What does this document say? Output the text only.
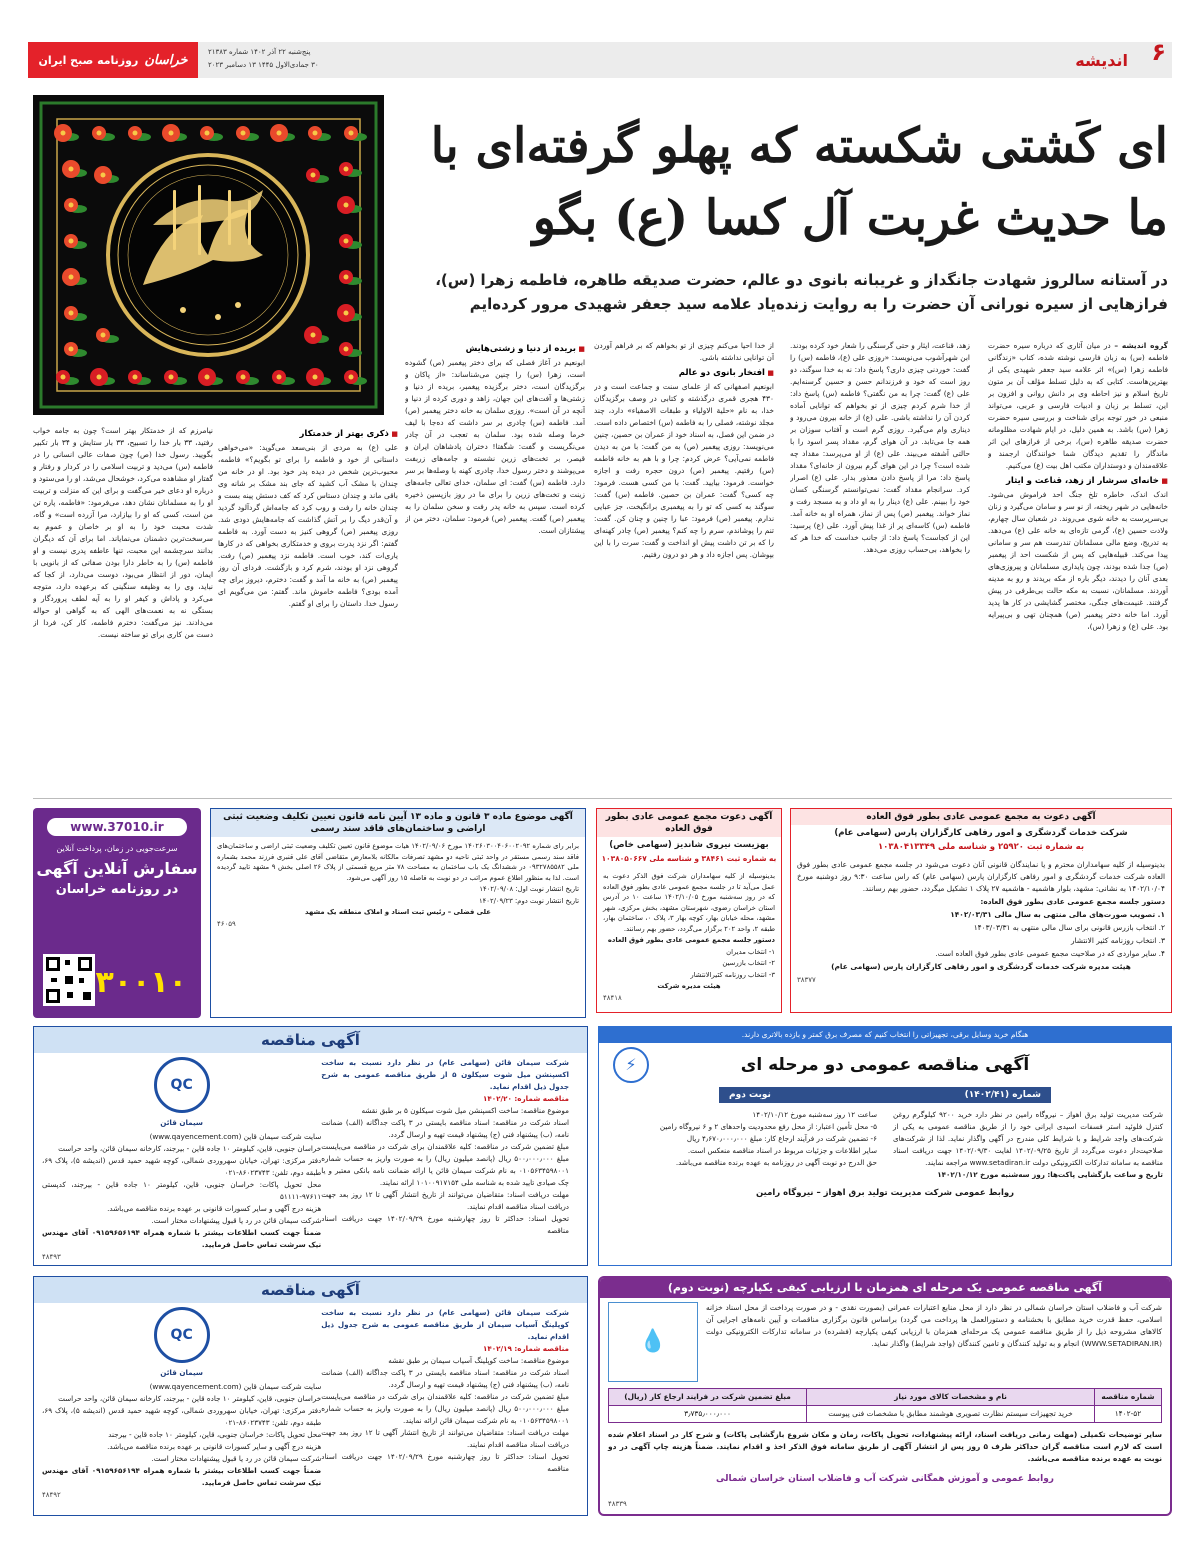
روزنامه صبح ایران خراسان
پنج‌شنبه ۲۲ آذر ۱۴۰۲ شماره ۲۱۳۸۳
۳۰ جمادی‌الاول ۱۴۴۵ ۱۳ دسامبر ۲۰۲۳	اندیشه ۶
ای کَشتی شکسته که پهلو گرفته‌ای با ما حدیث غربت آل کسا (ع) بگو
در آستانه سالروز شهادت جانگداز و غریبانه بانوی دو عالم، حضرت صدیقه طاهره، فاطمه زهرا (س)، فرازهایی از سیره نورانی آن حضرت را به روایت زنده‌یاد علامه سید جعفر شهیدی مرور کرده‌ایم

گروه اندیشه – در میان آثاری که درباره سیره حضرت فاطمه (س) به زبان فارسی نوشته شده، کتاب «زندگانی فاطمه زهرا (س)» اثر علامه سید جعفر شهیدی یکی از بهترین‌هاست. کتابی که به دلیل تسلط مؤلف آن بر متون تاریخ اسلام و نیز احاطه وی بر دانش روانی و افزون بر این، تسلط بر زبان و ادبیات فارسی و عربی، می‌تواند منبعی در خور توجه برای شناخت و بررسی سیره حضرت زهرا (س) باشد. به همین دلیل، در ایام شهادت مظلومانه حضرت صدیقه طاهره (س)، برخی از فرازهای این اثر ماندگار را تقدیم دیدگان شما خوانندگان ارجمند و علاقه‌مندان و دوستداران مکتب اهل بیت (ع) می‌کنیم.

■ خانه‌ای سرشار از زهد، قناعت و ایثار

اندک اندک، خاطره تلخ جنگ احد فراموش می‌شود. خانه‌هایی در شهر ریخته، از نو سر و سامان می‌گیرد و زنان بی‌سرپرست به خانه شوی می‌روند. در شعبان سال چهارم، ولادت حسین (ع)، گرمی تازه‌ای به خانه علی (ع) می‌دهد. به تدریج، وضع مالی مسلمانان تندرست هم سر و سامانی پیدا می‌کند. قبیله‌هایی که پس از شکست احد از پیغمبر (ص) جدا شده بودند، چون پایداری مسلمانان و پیروزی‌های بعدی آنان را دیدند، دیگر باره از مکه بریدند و رو به مدینه آوردند. مسلمانان، نسبت به مکه حالت بی‌طرفی در پیش گرفتند. غنیمت‌های جنگی، مختصر گشایشی در کار ها پدید آورد. اما خانه دختر پیغمبر (ص) همچنان تهی و بی‌پیرایه بود. علی (ع) و زهرا (س)،

زهد، قناعت، ایثار و حتی گرسنگی را شعار خود کرده بودند. ابن شهرآشوب می‌نویسد: «روزی علی (ع)، فاطمه (س) را گفت: خوردنی چیزی داری؟ پاسخ داد: نه به خدا سوگند، دو روز است که خود و فرزندانم حسن و حسین گرسنه‌ایم. علی (ع) گفت: چرا به من نگفتی؟ فاطمه (س) پاسخ داد: از خدا شرم کردم چیزی از تو بخواهم که توانایی آماده کردن آن را نداشته باشی. علی (ع) از خانه بیرون می‌رود و دیناری وام می‌گیرد. روزی گرم است و آفتاب سوزان بر همه جا می‌تابد. در آن هوای گرم، مقداد پسر اسود را با حالتی آشفته می‌بیند. علی (ع) از او می‌پرسد: مقداد چه شده است؟ چرا در این هوای گرم بیرون از خانه‌ای؟ مقداد پاسخ داد: مرا از پاسخ دادن معذور بدار. علی (ع) اصرار کرد. سرانجام مقداد گفت: نمی‌توانستم گرسنگی کسان خود را ببینم. علی (ع) دینار را به او داد و به مسجد رفت و نماز خواند. پیغمبر (ص) پس از نماز، همراه او به خانه آمد. فاطمه (س) کاسه‌ای پر از غذا پیش آورد. علی (ع) پرسید: این از کجاست؟ پاسخ داد: از جانب خداست که خدا هر که را بخواهد، بی‌حساب روزی می‌دهد.

از خدا احیا می‌کنم چیزی از تو بخواهم که بر فراهم آوردن آن توانایی نداشته باشی.

■ افتخار بانوی دو عالم

ابونعیم اصفهانی که از علمای سنت و جماعت است و در ۴۳۰ هجری قمری درگذشته و کتابی در وصف برگزیدگان خدا، به نام «حلیة الاولیاء و طبقات الاصفیاء» دارد، چند مجلد نوشته، فصلی را به فاطمه (س) اختصاص داده است. در ضمن این فصل، به اسناد خود از عمران بن حصین، چنین می‌نویسد: روزی پیغمبر (ص) به من گفت: با من به دیدن فاطمه نمی‌آیی؟ عرض کردم: چرا و با هم به خانه فاطمه (س) رفتیم. پیغمبر (ص) درون حجره رفت و اجازه خواست. فرمود: بیایید. گفت: با من کسی هست. فرمود: چه کسی؟ گفت: عمران بن حصین. فاطمه (س) گفت: سوگند به کسی که تو را به پیغمبری برانگیخت، جز عبایی ندارم. پیغمبر (ص) فرمود: عبا را چنین و چنان کن. گفت: تنم را پوشاندم، سرم را چه کنم؟ پیغمبر (ص) چادر کهنه‌ای را که بر تن داشت پیش او انداخت و گفت: سرت را با این بپوشان. پس اجازه داد و هر دو درون رفتیم.

■ بریده از دنیا و زشتی‌هایش

ابونعیم در آغاز فصلی که برای دختر پیغمبر (ص) گشوده است، زهرا (س) را چنین می‌شناساند: «از پاکان و برگزیدگان است، دختر برگزیده پیغمبر، بریده از دنیا و زشتی‌ها و آفت‌های این جهان، زاهد و دوری کرده از دنیا و آنچه در آن است». روزی سلمان به خانه دختر پیغمبر (ص) آمد. فاطمه (س) چادری بر سر داشت که ده‌جا با لیف خرما وصله شده بود. سلمان به تعجب در آن چادر می‌نگریست و گفت: شگفتا! دختران پادشاهان ایران و قیصر، بر تخت‌های زرین نشسته و جامه‌های زربفت می‌پوشند و دختر رسول خدا، چادری کهنه با وصله‌ها بر سر دارد. فاطمه (س) گفت: ای سلمان، خدای تعالی جامه‌های زینت و تخت‌های زرین را برای ما در روز بازپسین ذخیره کرده است. سپس به خانه پدر رفت و سخن سلمان را به پیغمبر (ص) گفت. پیغمبر (ص) فرمود: سلمان، دختر من از پیشتازان است.

■ ذکری بهتر از خدمتکار

علی (ع) به مردی از بنی‌سعد می‌گوید: «می‌خواهی داستانی از خود و فاطمه را برای تو بگویم؟» فاطمه، محبوب‌ترین شخص در دیده پدر خود بود. او در خانه من چندان با مشک آب کشید که جای بند مشک بر شانه وی باقی ماند و چندان دستاس کرد که کف دستش پینه بست و چندان خانه را رفت و روب کرد که جامه‌اش گردآلود گردید و آن‌قدر دیگ را بر آتش گذاشت که جامه‌هایش دودی شد. روزی پیغمبر (ص) گروهی کنیز به دست آورد. به فاطمه گفتم: اگر نزد پدرت بروی و خدمتکاری بخواهی که در کارها یاری‌ات کند، خوب است. فاطمه نزد پیغمبر (ص) رفت. گروهی نزد او بودند، شرم کرد و بازگشت. فردای آن روز پیغمبر (ص) به خانه ما آمد و گفت: دخترم، دیروز برای چه آمده بودی؟ فاطمه خاموش ماند. گفتم: من می‌گویم ای رسول خدا. داستان را برای او گفتم.

نیامرزم که از خدمتکار بهتر است؟ چون به جامه خواب رفتید، ۳۳ بار خدا را تسبیح، ۳۳ بار ستایش و ۳۴ بار تکبیر بگویید. رسول خدا (ص) چون صفات عالی انسانی را در فاطمه (س) می‌دید و تربیت اسلامی را در کردار و رفتار و گفتار او مشاهده می‌کرد، خوشحال می‌شد، او را می‌ستود و درباره او دعای خیر می‌گفت و برای این که منزلت و تربیت او را به مسلمانان نشان دهد، می‌فرمود: «فاطمه، پاره تن من است، کسی که او را بیازارد، مرا آزرده است» و گاه، شدت محبت خود را به او بر خاصان و عموم به سرسخت‌ترین دشمنان می‌نمایاند. اما برای آن که دیگران بدانند سرچشمه این محبت، تنها عاطفه پدری نیست و او فاطمه (س) را به خاطر دارا بودن صفاتی که از بانویی با ایمان، دور از انتظار می‌بود، دوست می‌دارد، از کجا که نباید، وی را به وظیفه سنگینی که برعهده دارد، متوجه می‌کرد و پاداش و کیفر او را به آیه لطف پروردگار و بستگی نه به نعمت‌های الهی که به گواهی او حواله می‌دادند. نیز می‌گفت: دخترم فاطمه، کار کن، فردا از دست من کاری برای تو ساخته نیست.

آگهی دعوت به مجمع عمومی عادی بطور فوق العاده
شرکت خدمات گردشگری و امور رفاهی کارگزاران پارس (سهامی عام)
به شماره ثبت ۲۵۹۲۰ و شناسه ملی ۱۰۳۸۰۴۱۳۳۴۹

بدینوسیله از کلیه سهامداران محترم و یا نمایندگان قانونی آنان دعوت می‌شود در جلسه مجمع عمومی عادی بطور فوق العاده شرکت خدمات گردشگری و امور رفاهی کارگزاران پارس (سهامی عام) که راس ساعت ۹:۳۰ روز دوشنبه مورخ ۱۴۰۲/۱۰/۰۴ به نشانی: مشهد، بلوار هاشمیه - هاشمیه ۲۷ پلاک ۱ تشکیل میگردد، حضور بهم رسانند.

دستور جلسه مجمع عمومی عادی بطور فوق العاده:

۱. تصویب صورت‌های مالی منتهی به سال مالی ۱۴۰۲/۰۳/۳۱

۲. انتخاب بازرس قانونی برای سال مالی منتهی به ۱۴۰۳/۰۳/۳۱

۳. انتخاب روزنامه کثیر الانتشار

۴. سایر مواردی که در صلاحیت مجمع عمومی عادی بطور فوق العاده است.

هیئت مدیره شرکت خدمات گردشگری و امور رفاهی کارگزاران پارس (سهامی عام)

۳۸۳۷۷

آگهی دعوت مجمع عمومی عادی بطور فوق العاده
بهزیست نیروی شاندیز (سهامی خاص)
به شماره ثبت ۳۸۴۶۱ و شناسه ملی ۱۰۳۸۰۵۰۶۶۷

بدینوسیله از کلیه سهامداران شرکت فوق الذکر دعوت به عمل می‌آید تا در جلسه مجمع عمومی عادی بطور فوق العاده که در روز سه‌شنبه مورخ ۱۴۰۲/۱۰/۰۵ ساعت ۱۰ در آدرس استان خراسان رضوی، شهرستان مشهد، بخش مرکزی، شهر مشهد، محله ‌خیابان بهار، کوچه بهار ۳، پلاک ۰، ساختمان ‌بهار، طبقه ۲، واحد ۲۰۲ برگزار می‌گردد، حضور بهم رسانند.

دستور جلسه مجمع عمومی عادی بطور فوق العاده

۱- انتخاب مدیران

۲- انتخاب بازرسین

۳- انتخاب روزنامه کثیرالانتشار

هیئت مدیره شرکت

۴۸۴۱۸

آگهی موضوع ماده ۳ قانون و ماده ۱۳ آیین نامه قانون تعیین تکلیف وضعیت ثبتی اراضی و ساختمان‌های فاقد سند رسمی

برابر رای شماره ۱۴۰۲۶۰۳۰۰۴۰۶۰۰۲۰۹۲ مورخ ۱۴۰۲/۰۹/۰۶ هیات موضوع قانون تعیین تکلیف وضعیت ثبتی اراضی و ساختمان‌های فاقد سند رسمی مستقر در واحد ثبتی ناحیه دو مشهد تصرفات مالکانه بلامعارض متقاضی آقای علی قنبری فرزند محمد بشماره ملی ۰۹۳۲۷۸۵۵۸۲ در ششدانگ یک باب ساختمان به مساحت ۷۸ متر مربع قسمتی از پلاک ۲۶ اصلی بخش ۹ مشهد تایید گردیده است. لذا به منظور اطلاع عموم مراتب در دو نوبت به فاصله ۱۵ روز آگهی می‌شود.

تاریخ انتشار نوبت اول: ۱۴۰۲/۰۹/۰۸

تاریخ انتشار نوبت دوم: ۱۴۰۲/۰۹/۲۳

علی فضلی – رئیس ثبت اسناد و املاک منطقه یک مشهد

۴۶۰۵۹

www.37010.ir
سرعت‌جویی در زمان، پرداخت آنلاین
سفارش آنلاین آگهی
در روزنامه خراسان
۳۰۰۱۰
آگهی مناقصه

شرکت سیمان قائن (سهامی عام) در نظر دارد نسبت به ساخت اکسپنشن میل شوت سیکلون ۵ از طریق مناقصه عمومی به شرح جدول ذیل اقدام نماید.

مناقصه شماره: ۱۴۰۲/۲۰

موضوع مناقصه: ساخت اکسپنشن میل شوت سیکلون ۵ بر طبق نقشه

اسناد شرکت در مناقصه: اسناد مناقصه بایستی در ۳ پاکت جداگانه (الف) ضمانت نامه، (ب) پیشنهاد فنی (ج) پیشنهاد قیمت تهیه و ارسال گردد.

مبلغ تضمین شرکت در مناقصه: کلیه علاقمندان برای شرکت در مناقصه می‌بایست مبلغ ۵۰۰٫۰۰۰٫۰۰۰ ریال (پانصد میلیون ریال) را به صورت واریز به حساب شماره ۰۱۰۵۶۳۴۵۹۸۰۰۱ به نام شرکت سیمان قائن یا ارائه ضمانت نامه بانکی معتبر و یا چک صیادی تایید شده به شناسه ملی ۱۰۱۰۰۹۱۷۱۵۴ ارائه نمایند.

مهلت دریافت اسناد: متقاضیان می‌توانند از تاریخ انتشار آگهی تا ۱۲ روز بعد جهت دریافت اسناد مناقصه اقدام نمایند.

تحویل اسناد: حداکثر تا روز چهارشنبه مورخ ۱۴۰۲/۰۹/۲۹ جهت دریافت اسناد مناقصه

QC

سیمان قائن

سایت شرکت سیمان قاین (www.qayencement.com)

خراسان جنوبی، قاین، کیلومتر ۱۰ جاده قاین - بیرجند، کارخانه سیمان قائن، واحد حراست

دفتر مرکزی: تهران، خیابان سهروردی شمالی، کوچه شهید حمید قدس (اندیشه ۵)، پلاک ۶۹، طبقه دوم، تلفن: ۸۶۰۲۳۷۴۳-۰۲۱

محل تحویل پاکات: خراسان جنوبی، قاین، کیلومتر ۱۰ جاده قاین - بیرجند، کدپستی ۹۷۶۱۱-۵۱۱۱۱

هزینه درج آگهی و سایر کسورات قانونی بر عهده برنده مناقصه می‌باشد.

شرکت سیمان قائن در رد یا قبول پیشنهادات مختار است.

ضمناً جهت کسب اطلاعات بیشتر با شماره همراه ۰۹۱۵۹۶۵۶۱۹۴ آقای مهندس نیک سرشت تماس حاصل فرمایید.

۴۸۴۹۳

هنگام خرید وسایل برقی، تجهیزاتی را انتخاب کنیم که مصرف برق کمتر و بازده بالاتری دارند.
آگهی مناقصه عمومی دو مرحله ای
⚡
شماره (۱۴۰۲/۴۱)
نوبت دوم

شرکت مدیریت تولید برق اهواز – نیروگاه رامین در نظر دارد خرید ۹۲۰۰ کیلوگرم روغن کنترل فلوئید استر فسفات اسیدی ایرانی خود را از طریق مناقصه عمومی به یکی از شرکت‌های واجد شرایط و با شرایط کلی مندرج در آگهی واگذار نماید. لذا از شرکت‌های صلاحیت‌دار دعوت می‌گردد از تاریخ ۱۴۰۲/۰۹/۲۵ لغایت ۱۴۰۲/۰۹/۳۰ جهت دریافت اسناد مناقصه به سامانه تدارکات الکترونیکی دولت www.setadiran.ir مراجعه نمایند.

تاریخ و ساعت بازگشایی پاکت‌ها: روز سه‌شنبه مورخ ۱۴۰۲/۱۰/۱۲

ساعت ۱۲ روز سه‌شنبه مورخ ۱۴۰۲/۱۰/۱۲

۵- محل تأمین اعتبار: از محل رفع محدودیت واحدهای ۲ و ۶ نیروگاه رامین

۶- تضمین شرکت در فرآیند ارجاع کار: مبلغ ۴٫۶۷۰٫۰۰۰٫۰۰۰ ریال

سایر اطلاعات و جزئیات مربوط در اسناد مناقصه منعکس است.

حق الدرج دو نوبت آگهی در روزنامه به عهده برنده مناقصه می‌باشد.

روابط عمومی شرکت مدیریت تولید برق اهواز – نیروگاه رامین
آگهی مناقصه

شرکت سیمان قائن (سهامی عام) در نظر دارد نسبت به ساخت کوپلینگ آسیاب سیمان از طریق مناقصه عمومی به شرح جدول ذیل اقدام نماید.

مناقصه شماره: ۱۴۰۲/۱۹

موضوع مناقصه: ساخت کوپلینگ آسیاب سیمان بر طبق نقشه

اسناد شرکت در مناقصه: اسناد مناقصه بایستی در ۳ پاکت جداگانه (الف) ضمانت نامه، (ب) پیشنهاد فنی (ج) پیشنهاد قیمت تهیه و ارسال گردد.

مبلغ تضمین شرکت در مناقصه: کلیه علاقمندان برای شرکت در مناقصه می‌بایست مبلغ ۵۰۰٫۰۰۰٫۰۰۰ ریال (پانصد میلیون ریال) را به صورت واریز به حساب شماره ۰۱۰۵۶۳۴۵۹۸۰۰۱ به نام شرکت سیمان قائن ارائه نمایند.

مهلت دریافت اسناد: متقاضیان می‌توانند از تاریخ انتشار آگهی تا ۱۲ روز بعد جهت دریافت اسناد مناقصه اقدام نمایند.

تحویل اسناد: حداکثر تا روز چهارشنبه مورخ ۱۴۰۲/۰۹/۲۹ جهت دریافت اسناد مناقصه

QC

سیمان قائن

سایت شرکت سیمان قاین (www.qayencement.com)

خراسان جنوبی، قاین، کیلومتر ۱۰ جاده قاین - بیرجند، کارخانه سیمان قائن، واحد حراست

دفتر مرکزی: تهران، خیابان سهروردی شمالی، کوچه شهید حمید قدس (اندیشه ۵)، پلاک ۶۹، طبقه دوم، تلفن: ۸۶۰۲۳۷۴۳-۰۲۱

محل تحویل پاکات: خراسان جنوبی، قاین، کیلومتر ۱۰ جاده قاین - بیرجند

هزینه درج آگهی و سایر کسورات قانونی بر عهده برنده مناقصه می‌باشد.

شرکت سیمان قائن در رد یا قبول پیشنهادات مختار است.

ضمناً جهت کسب اطلاعات بیشتر با شماره همراه ۰۹۱۵۹۶۵۶۱۹۴ آقای مهندس نیک سرشت تماس حاصل فرمایید.

۴۸۴۹۲

آگهی مناقصه عمومی یک مرحله ای همزمان با ارزیابی کیفی یکپارچه (نوبت دوم)
شرکت آب و فاضلاب استان خراسان شمالی در نظر دارد از محل منابع اعتبارات عمرانی (بصورت نقدی - و در صورت پرداخت از محل اسناد خزانه اسلامی، حفظ قدرت خرید مطابق با بخشنامه و دستورالعمل ها پرداخت می گردد) براساس قانون برگزاری مناقصات و آیین نامه‌های اجرایی آن کالاهای مشروحه ذیل را از طریق مناقصه عمومی یک مرحله‌ای همزمان با ارزیابی کیفی یکپارچه (فشرده) در سامانه تدارکات الکترونیکی دولت (WWW.SETADIRAN.IR) انجام و به تولید کنندگان و تامین کنندگان (واجد شرایط) واگذار نماید.
💧
شماره مناقصه	نام و مشخصات کالای مورد نیاز	مبلغ تضمین شرکت در فرایند ارجاع کار (ریال)
۱۴۰۲-۵۲	خرید تجهیزات سیستم نظارت تصویری هوشمند مطابق با مشخصات فنی پیوست	۳٫۷۳۵٫۰۰۰٫۰۰۰
سایر توضیحات تکمیلی (مهلت زمانی دریافت اسناد، ارائه پیشنهادات، تحویل پاکات، زمان و مکان شروع بازگشایی پاکات) و شرح کار در اسناد اعلام شده است که لازم است مناقصه گران حداکثر ظرف ۵ روز پس از انتشار آگهی از طریق سامانه فوق الذکر اخذ و اقدام نمایند. ضمناً هزینه چاپ آگهی در دو نوبت به عهده برنده مناقصه می‌باشد.
روابط عمومی و آموزش همگانی شرکت آب و فاضلاب استان خراسان شمالی
۴۸۳۳۹
